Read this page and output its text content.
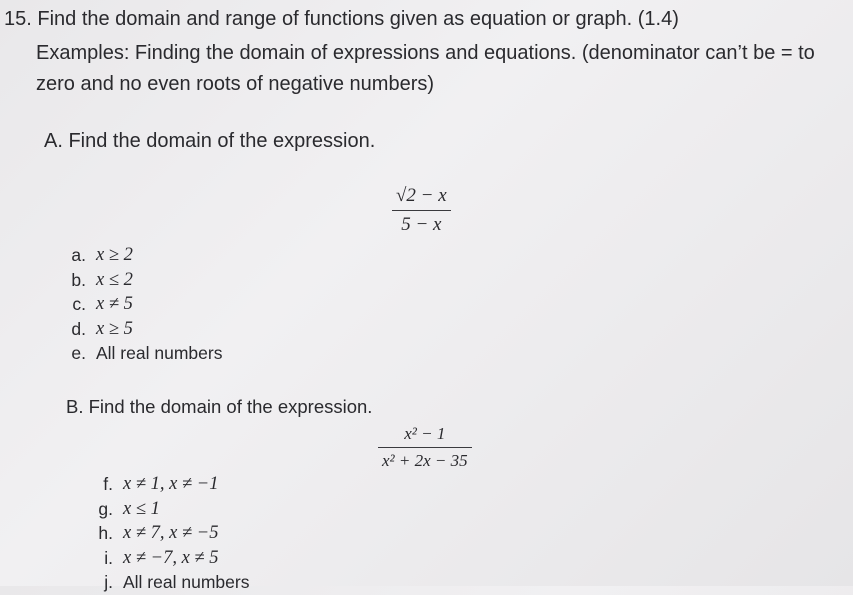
15. Find the domain and range of functions given as equation or graph. (1.4)
Examples: Finding the domain of expressions and equations. (denominator can’t be = to zero and no even roots of negative numbers)
A. Find the domain of the expression.
√2 − x
5 − x
a. x ≥ 2
b. x ≤ 2
c. x ≠ 5
d. x ≥ 5
e. All real numbers
B. Find the domain of the expression.
x² − 1
x² + 2x − 35
f. x ≠ 1, x ≠ −1
g. x ≤ 1
h. x ≠ 7, x ≠ −5
i. x ≠ −7, x ≠ 5
j. All real numbers
